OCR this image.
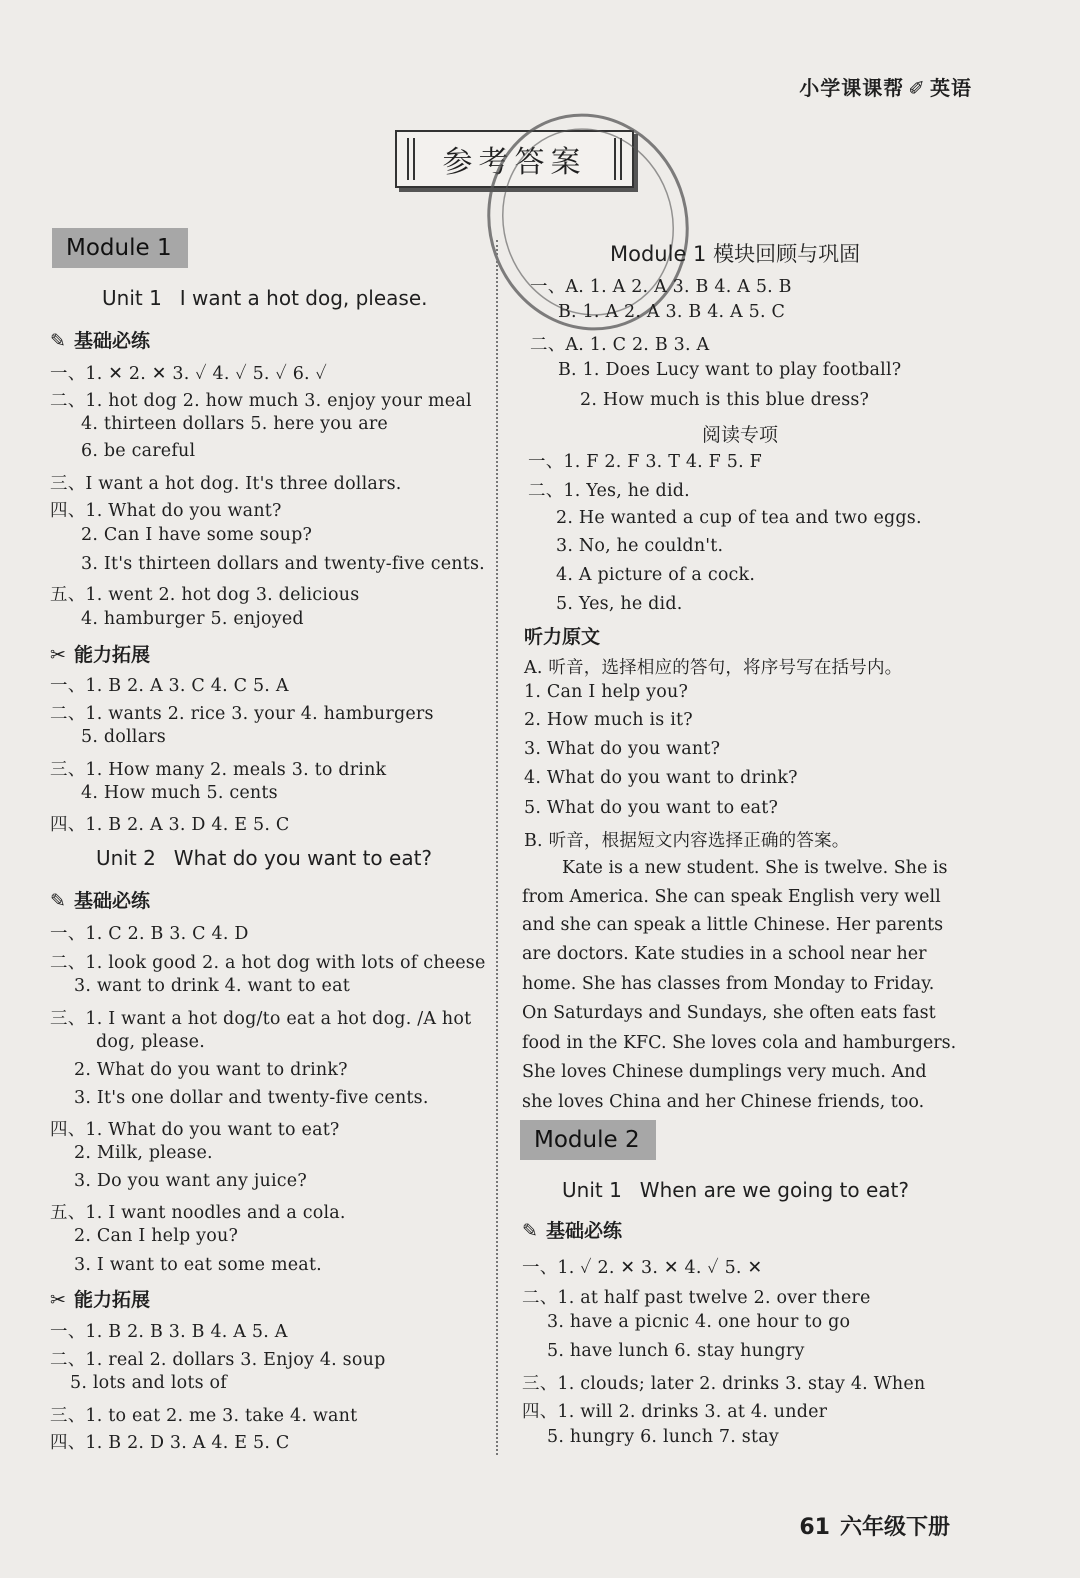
小学课课帮 ✐ 英语
参考答案
Module 1
Unit 1 I want a hot dog, please.
✎ 基础必练
一、1. ✕ 2. ✕ 3. ✓ 4. ✓ 5. ✓ 6. ✓
二、1. hot dog 2. how much 3. enjoy your meal
4. thirteen dollars 5. here you are
6. be careful
三、I want a hot dog. It's three dollars.
四、1. What do you want?
2. Can I have some soup?
3. It's thirteen dollars and twenty-five cents.
五、1. went 2. hot dog 3. delicious
4. hamburger 5. enjoyed
✂ 能力拓展
一、1. B 2. A 3. C 4. C 5. A
二、1. wants 2. rice 3. your 4. hamburgers
5. dollars
三、1. How many 2. meals 3. to drink
4. How much 5. cents
四、1. B 2. A 3. D 4. E 5. C
Unit 2 What do you want to eat?
✎ 基础必练
一、1. C 2. B 3. C 4. D
二、1. look good 2. a hot dog with lots of cheese
3. want to drink 4. want to eat
三、1. I want a hot dog/to eat a hot dog. /A hot
dog, please.
2. What do you want to drink?
3. It's one dollar and twenty-five cents.
四、1. What do you want to eat?
2. Milk, please.
3. Do you want any juice?
五、1. I want noodles and a cola.
2. Can I help you?
3. I want to eat some meat.
✂ 能力拓展
一、1. B 2. B 3. B 4. A 5. A
二、1. real 2. dollars 3. Enjoy 4. soup
5. lots and lots of
三、1. to eat 2. me 3. take 4. want
四、1. B 2. D 3. A 4. E 5. C
Module 1 模块回顾与巩固
一、A. 1. A 2. A 3. B 4. A 5. B
B. 1. A 2. A 3. B 4. A 5. C
二、A. 1. C 2. B 3. A
B. 1. Does Lucy want to play football?
2. How much is this blue dress?
阅读专项
一、1. F 2. F 3. T 4. F 5. F
二、1. Yes, he did.
2. He wanted a cup of tea and two eggs.
3. No, he couldn't.
4. A picture of a cock.
5. Yes, he did.
听力原文
A. 听音，选择相应的答句，将序号写在括号内。
1. Can I help you?
2. How much is it?
3. What do you want?
4. What do you want to drink?
5. What do you want to eat?
B. 听音，根据短文内容选择正确的答案。
Kate is a new student. She is twelve. She is
from America. She can speak English very well
and she can speak a little Chinese. Her parents
are doctors. Kate studies in a school near her
home. She has classes from Monday to Friday.
On Saturdays and Sundays, she often eats fast
food in the KFC. She loves cola and hamburgers.
She loves Chinese dumplings very much. And
she loves China and her Chinese friends, too.
Module 2
Unit 1 When are we going to eat?
✎ 基础必练
一、1. ✓ 2. ✕ 3. ✕ 4. ✓ 5. ✕
二、1. at half past twelve 2. over there
3. have a picnic 4. one hour to go
5. have lunch 6. stay hungry
三、1. clouds; later 2. drinks 3. stay 4. When
四、1. will 2. drinks 3. at 4. under
5. hungry 6. lunch 7. stay
61 六年级下册
